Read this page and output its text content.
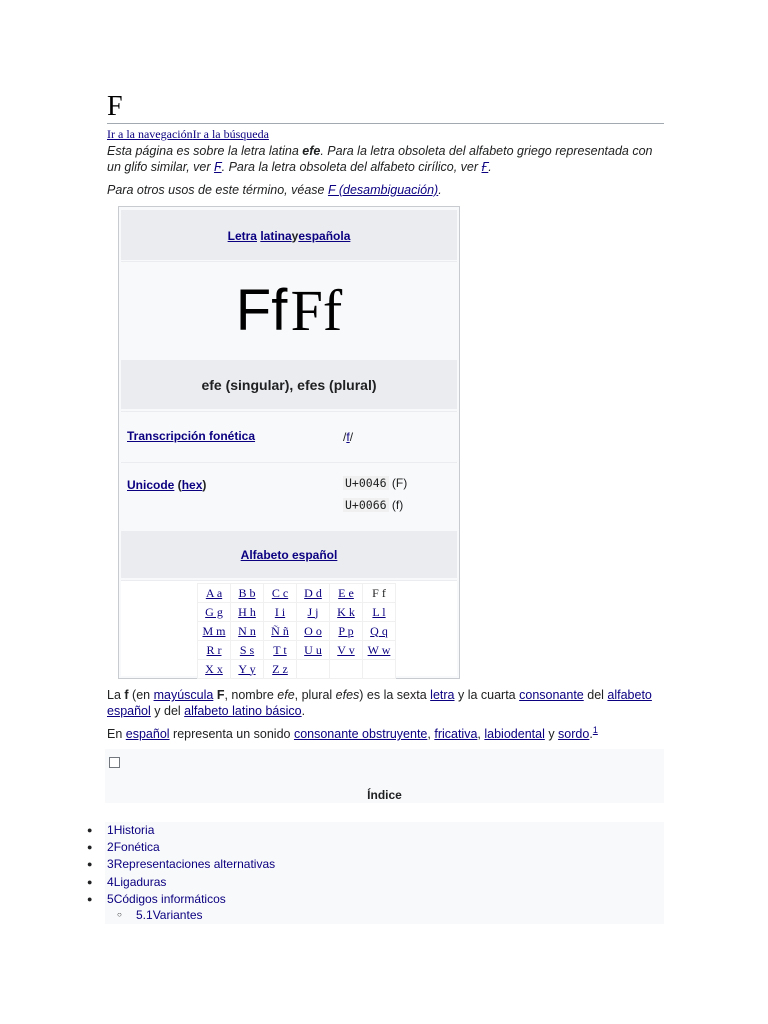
F
Ir a la navegaciónIr a la búsqueda
Esta página es sobre la letra latina efe. Para la letra obsoleta del alfabeto griego representada con un glifo similar, ver Ϝ. Para la letra obsoleta del alfabeto cirílico, ver Ғ.
Para otros usos de este término, véase F (desambiguación).
Letra
latina y española
Ff
Ff
efe (singular), efes (plural)
Transcripción fonética	/f/
Unicode (hex)	U+0046 (F)
U+0066 (f)
Alfabeto español
A a	B b	C c	D d	E e	F f
G g	H h	I i	J j	K k	L l
M m	N n	Ñ ñ	O o	P p	Q q
R r	S s	T t	U u	V v	W w
X x	Y y	Z z			
La f (en mayúscula F, nombre efe, plural efes) es la sexta letra y la cuarta consonante del alfabeto español y del alfabeto latino básico.
En español representa un sonido consonante obstruyente, fricativa, labiodental y sordo.$^1$
Índice
● 1Historia
● 2Fonética
● 3Representaciones alternativas
● 4Ligaduras
● 5Códigos informáticos
○ 5.1Variantes
